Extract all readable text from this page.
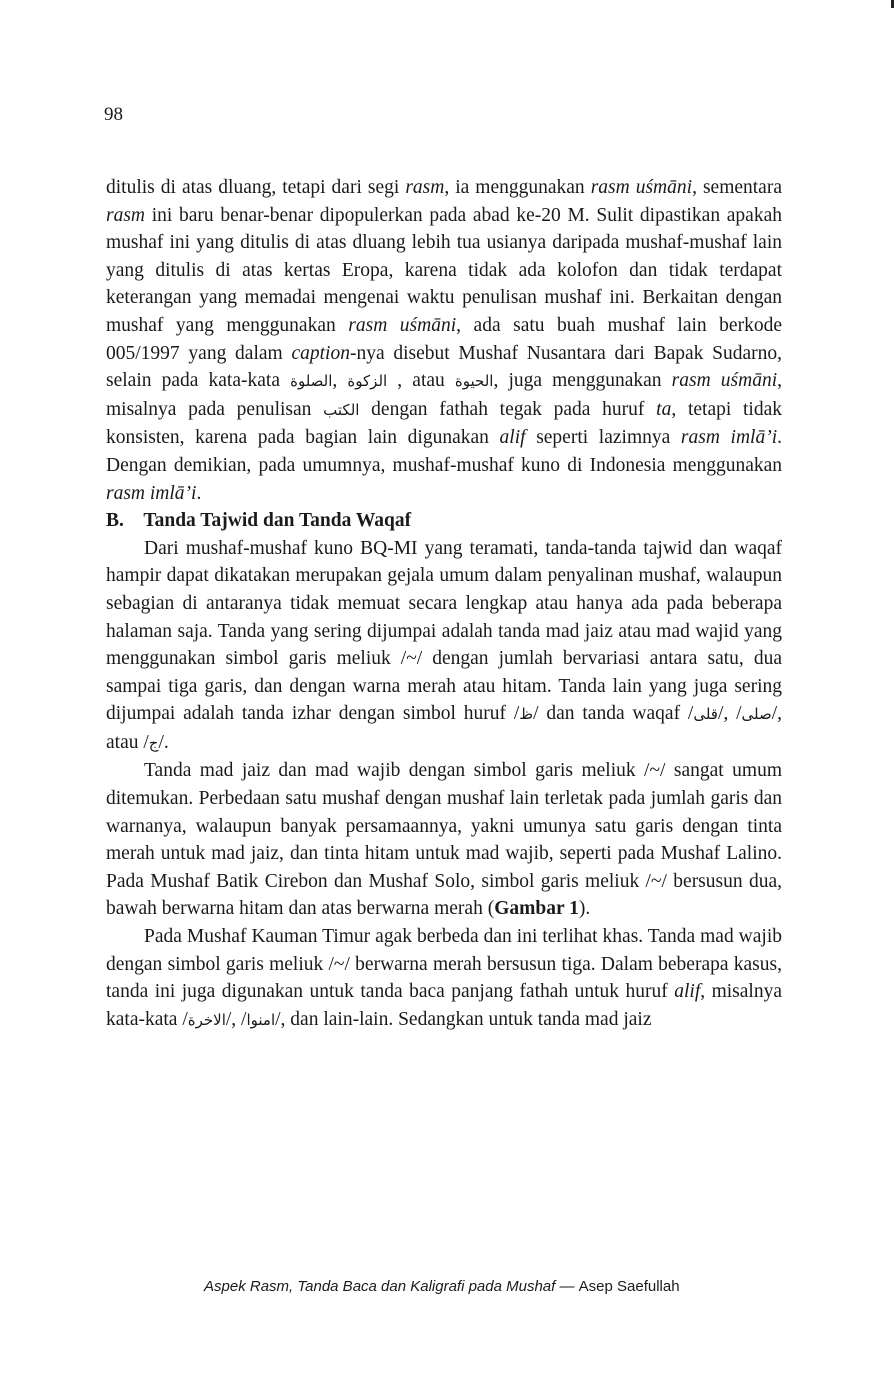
98

ditulis di atas dluang, tetapi dari segi rasm, ia menggunakan rasm uśmāni, sementara rasm ini baru benar-benar dipopulerkan pada abad ke-20 M. Sulit dipastikan apakah mushaf ini yang ditulis di atas dluang lebih tua usianya daripada mushaf-mushaf lain yang ditulis di atas kertas Eropa, karena tidak ada kolofon dan tidak terdapat keterangan yang memadai mengenai waktu penulisan mushaf ini. Berkaitan dengan mushaf yang menggunakan rasm uśmāni, ada satu buah mushaf lain berkode 005/1997 yang dalam caption-nya disebut Mushaf Nusantara dari Bapak Sudarno, selain pada kata-kata الصلوة, الزكوة , atau الحيوة, juga menggunakan rasm uśmāni, misalnya pada penulisan الكتب dengan fathah tegak pada huruf ta, tetapi tidak konsisten, karena pada bagian lain digunakan alif seperti lazimnya rasm imlā’i. Dengan demikian, pada umumnya, mushaf-mushaf kuno di Indonesia menggunakan rasm imlā’i.

B. Tanda Tajwid dan Tanda Waqaf

Dari mushaf-mushaf kuno BQ-MI yang teramati, tanda-tanda tajwid dan waqaf hampir dapat dikatakan merupakan gejala umum dalam penyalinan mushaf, walaupun sebagian di antaranya tidak memuat secara lengkap atau hanya ada pada beberapa halaman saja. Tanda yang sering dijumpai adalah tanda mad jaiz atau mad wajid yang menggunakan simbol garis meliuk /~/ dengan jumlah bervariasi antara satu, dua sampai tiga garis, dan dengan warna merah atau hitam. Tanda lain yang juga sering dijumpai adalah tanda izhar dengan simbol huruf /ظ/ dan tanda waqaf /قلى/, /صلى/, atau /ج/.

Tanda mad jaiz dan mad wajib dengan simbol garis meliuk /~/ sangat umum ditemukan. Perbedaan satu mushaf dengan mushaf lain terletak pada jumlah garis dan warnanya, walaupun banyak persamaannya, yakni umunya satu garis dengan tinta merah untuk mad jaiz, dan tinta hitam untuk mad wajib, seperti pada Mushaf Lalino. Pada Mushaf Batik Cirebon dan Mushaf Solo, simbol garis meliuk /~/ bersusun dua, bawah berwarna hitam dan atas berwarna merah (Gambar 1).

Pada Mushaf Kauman Timur agak berbeda dan ini terlihat khas. Tanda mad wajib dengan simbol garis meliuk /~/ berwarna merah bersusun tiga. Dalam beberapa kasus, tanda ini juga digunakan untuk tanda baca panjang fathah untuk huruf alif, misalnya kata-kata /الاخرة/, /امنوا/, dan lain-lain. Sedangkan untuk tanda mad jaiz

Aspek Rasm, Tanda Baca dan Kaligrafi pada Mushaf — Asep Saefullah
